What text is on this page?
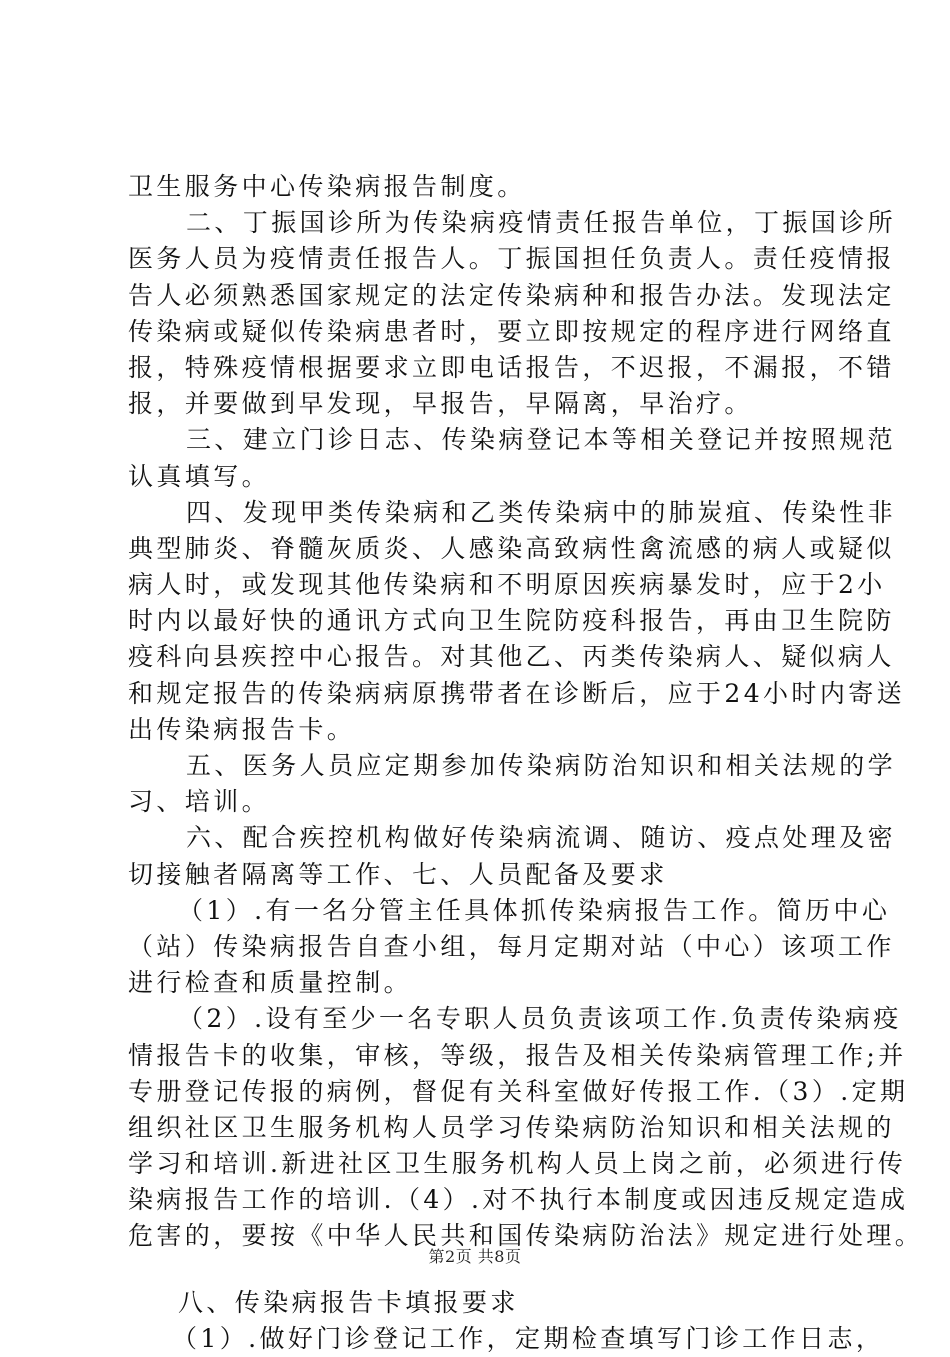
卫生服务中心传染病报告制度。
二、丁振国诊所为传染病疫情责任报告单位，丁振国诊所
医务人员为疫情责任报告人。丁振国担任负责人。责任疫情报
告人必须熟悉国家规定的法定传染病种和报告办法。发现法定
传染病或疑似传染病患者时，要立即按规定的程序进行网络直
报，特殊疫情根据要求立即电话报告，不迟报，不漏报，不错
报，并要做到早发现，早报告，早隔离，早治疗。
三、建立门诊日志、传染病登记本等相关登记并按照规范
认真填写。
四、发现甲类传染病和乙类传染病中的肺炭疽、传染性非
典型肺炎、脊髓灰质炎、人感染高致病性禽流感的病人或疑似
病人时，或发现其他传染病和不明原因疾病暴发时，应于2小
时内以最好快的通讯方式向卫生院防疫科报告，再由卫生院防
疫科向县疾控中心报告。对其他乙、丙类传染病人、疑似病人
和规定报告的传染病病原携带者在诊断后，应于24小时内寄送
出传染病报告卡。
五、医务人员应定期参加传染病防治知识和相关法规的学
习、培训。
六、配合疾控机构做好传染病流调、随访、疫点处理及密
切接触者隔离等工作、七、人员配备及要求
（1）.有一名分管主任具体抓传染病报告工作。简历中心
（站）传染病报告自查小组，每月定期对站（中心）该项工作
进行检查和质量控制。
（2）.设有至少一名专职人员负责该项工作.负责传染病疫
情报告卡的收集，审核，等级，报告及相关传染病管理工作;并
专册登记传报的病例，督促有关科室做好传报工作.（3）.定期
组织社区卫生服务机构人员学习传染病防治知识和相关法规的
学习和培训.新进社区卫生服务机构人员上岗之前，必须进行传
染病报告工作的培训.（4）.对不执行本制度或因违反规定造成
危害的，要按《中华人民共和国传染病防治法》规定进行处理。
八、传染病报告卡填报要求
（1）.做好门诊登记工作，定期检查填写门诊工作日志，
第2页 共8页
